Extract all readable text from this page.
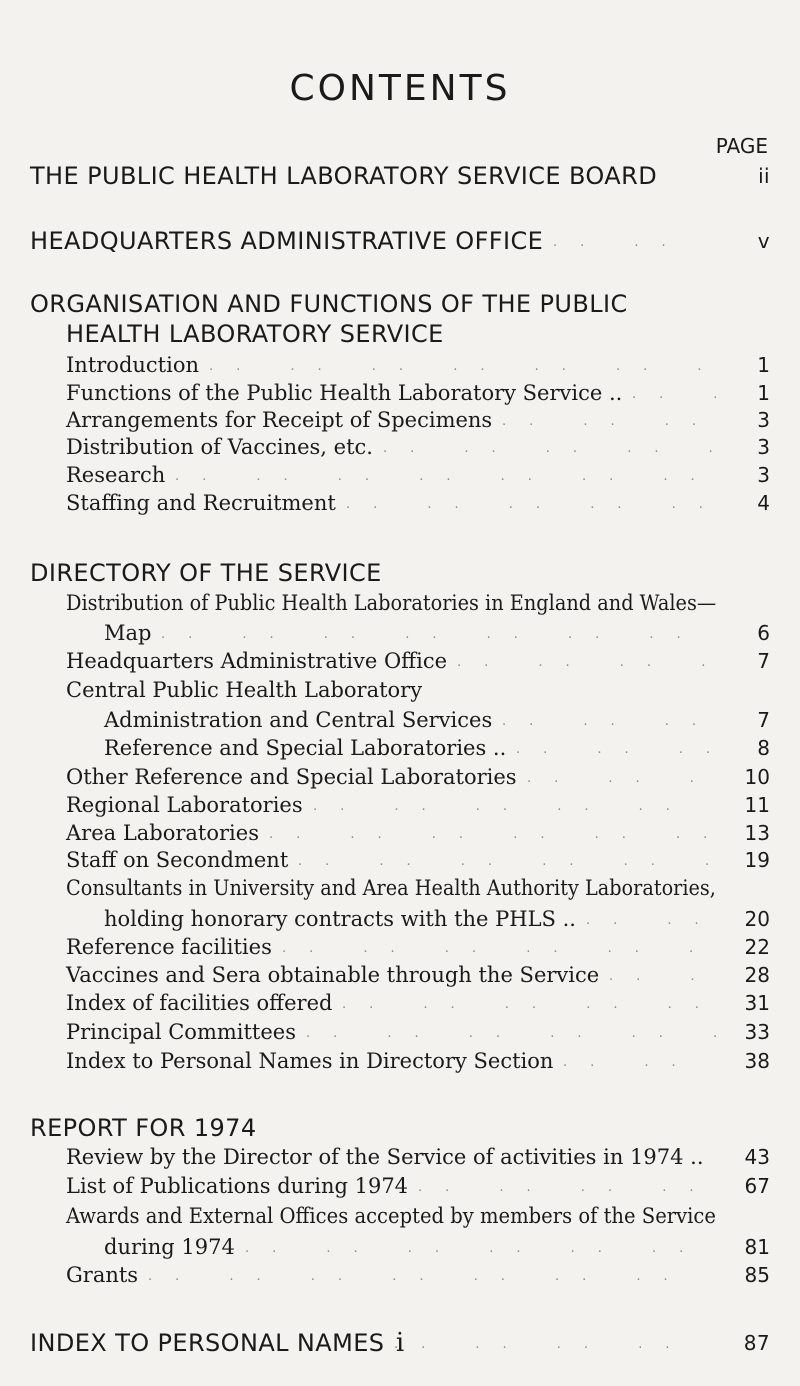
CONTENTS
PAGE
THE PUBLIC HEALTH LABORATORY SERVICE BOARD	ii
HEADQUARTERS ADMINISTRATIVE OFFICE .. ..	v
ORGANISATION AND FUNCTIONS OF THE PUBLIC
HEALTH LABORATORY SERVICE
Introduction .. ..	1
Functions of the Public Health Laboratory Service .. .. ..	1
Arrangements for Receipt of Specimens .. ..	3
Distribution of Vaccines, etc. .. ..	3
Research .. ..	3
Staffing and Recruitment .. ..	4
DIRECTORY OF THE SERVICE
Distribution of Public Health Laboratories in England and Wales—
Map .. ..	6
Headquarters Administrative Office .. ..	7
Central Public Health Laboratory
Administration and Central Services .. ..	7
Reference and Special Laboratories .. .. ..	8
Other Reference and Special Laboratories .. ..	10
Regional Laboratories .. ..	11
Area Laboratories .. ..	13
Staff on Secondment .. ..	19
Consultants in University and Area Health Authority Laboratories,
holding honorary contracts with the PHLS .. .. ..	20
Reference facilities .. ..	22
Vaccines and Sera obtainable through the Service .. ..	28
Index of facilities offered .. ..	31
Principal Committees .. ..	33
Index to Personal Names in Directory Section .. ..	38
REPORT FOR 1974
Review by the Director of the Service of activities in 1974 ..	43
List of Publications during 1974 .. ..	67
Awards and External Offices accepted by members of the Service
during 1974 .. ..	81
Grants .. ..	85
INDEX TO PERSONAL NAMES .. ..	87
i
